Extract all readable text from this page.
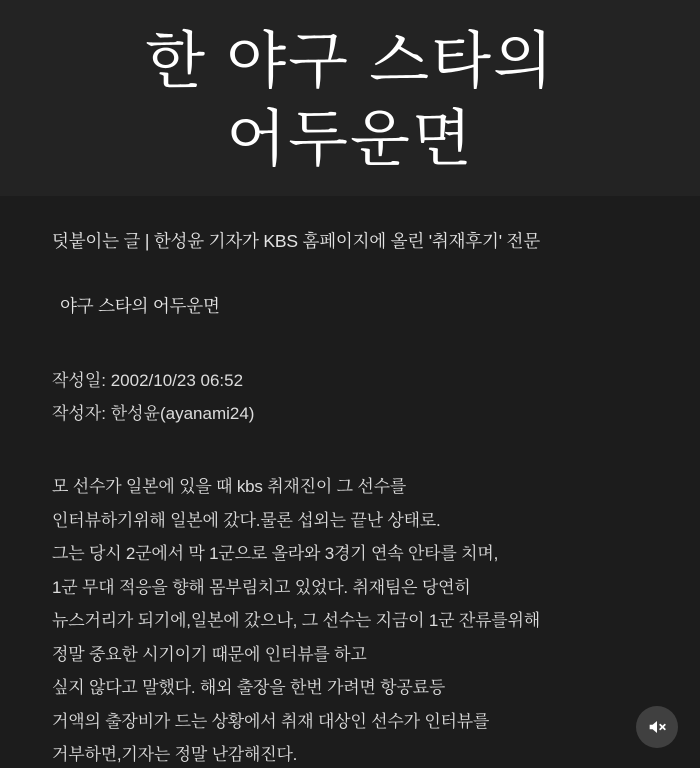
한 야구 스타의
어두운면
덧붙이는 글 | 한성윤 기자가 KBS 홈페이지에 올린 '취재후기' 전문
야구 스타의 어두운면
작성일: 2002/10/23 06:52
작성자: 한성윤(ayanami24)
모 선수가 일본에 있을 때 kbs 취재진이 그 선수를
인터뷰하기위해 일본에 갔다.물론 섭외는 끝난 상태로.
그는 당시 2군에서 막 1군으로 올라와 3경기 연속 안타를 치며,
1군 무대 적응을 향해 몸부림치고 있었다. 취재팀은 당연히
뉴스거리가 되기에,일본에 갔으나, 그 선수는 지금이 1군 잔류를위해
정말 중요한 시기이기 때문에 인터뷰를 하고
싶지 않다고 말했다. 해외 출장을 한번 가려면 항공료등
거액의 출장비가 드는 상황에서 취재 대상인 선수가 인터뷰를
거부하면,기자는 정말 난감해진다.
